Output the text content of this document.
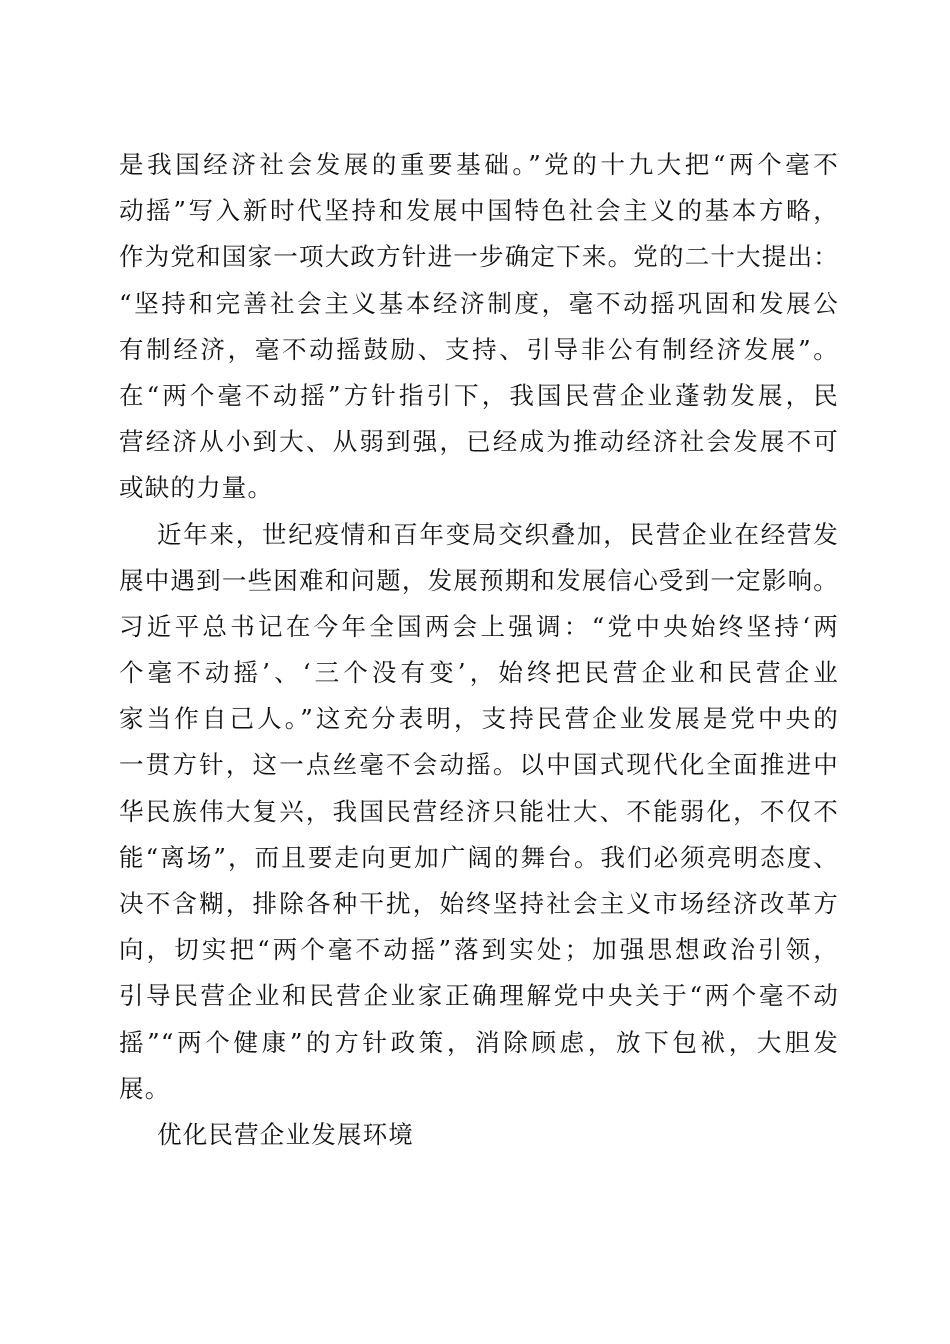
是我国经济社会发展的重要基础。”党的十九大把“两个毫不
动摇”写入新时代坚持和发展中国特色社会主义的基本方略，
作为党和国家一项大政方针进一步确定下来。党的二十大提出：
“坚持和完善社会主义基本经济制度，毫不动摇巩固和发展公
有制经济，毫不动摇鼓励、支持、引导非公有制经济发展”。
在“两个毫不动摇”方针指引下，我国民营企业蓬勃发展，民
营经济从小到大、从弱到强，已经成为推动经济社会发展不可
或缺的力量。
近年来，世纪疫情和百年变局交织叠加，民营企业在经营发
展中遇到一些困难和问题，发展预期和发展信心受到一定影响。
习近平总书记在今年全国两会上强调：“党中央始终坚持‘两
个毫不动摇’、‘三个没有变’，始终把民营企业和民营企业
家当作自己人。”这充分表明，支持民营企业发展是党中央的
一贯方针，这一点丝毫不会动摇。以中国式现代化全面推进中
华民族伟大复兴，我国民营经济只能壮大、不能弱化，不仅不
能“离场”，而且要走向更加广阔的舞台。我们必须亮明态度、
决不含糊，排除各种干扰，始终坚持社会主义市场经济改革方
向，切实把“两个毫不动摇”落到实处；加强思想政治引领，
引导民营企业和民营企业家正确理解党中央关于“两个毫不动
摇”“两个健康”的方针政策，消除顾虑，放下包袱，大胆发
展。
优化民营企业发展环境
